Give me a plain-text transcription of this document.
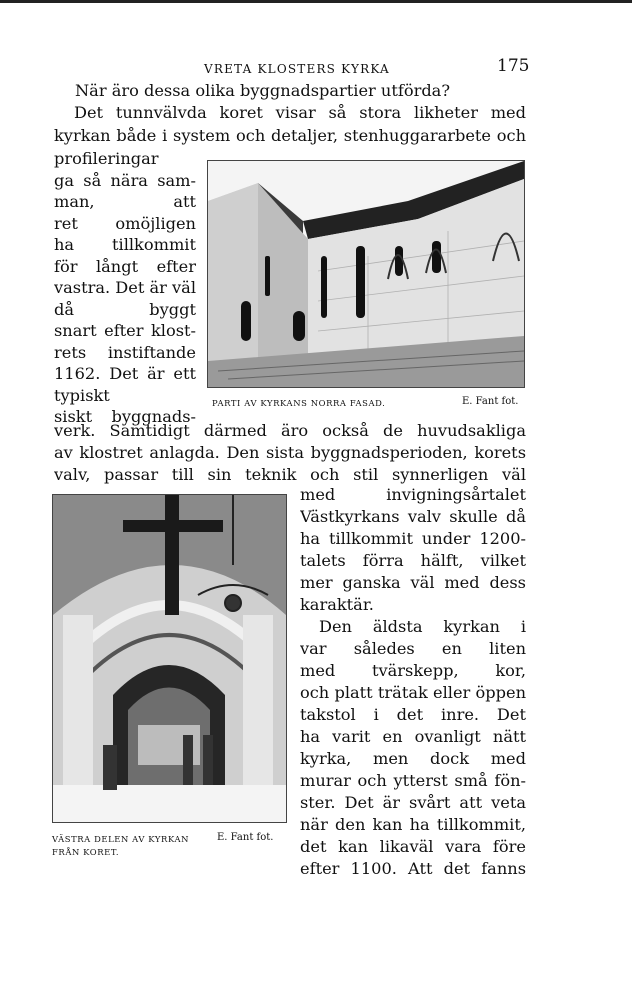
VRETA KLOSTERS KYRKA	175
När äro dessa olika byggnadspartier utförda?
Det tunnvälvda koret visar så stora likheter med
kyrkan både i system och detaljer, stenhuggararbete och
profileringar
ga så nära sam-
man, att
ret omöjligen
ha tillkommit
för långt efter
vastra. Det är väl
då byggt
snart efter klost-
rets instiftande
1162. Det är ett
typiskt
siskt byggnads-
PARTI AV KYRKANS NORRA FASAD.	E. Fant fot.
verk. Samtidigt därmed äro också de huvudsakliga
av klostret anlagda. Den sista byggnadsperioden, korets
valv, passar till sin teknik och stil synnerligen väl
VÄSTRA DELEN AV KYRKAN
FRÅN KORET.
E. Fant fot.
med invigningsårtalet
Västkyrkans valv skulle då
ha tillkommit under 1200-
talets förra hälft, vilket
mer ganska väl med dess
karaktär.
Den äldsta kyrkan i
var således en liten
med tvärskepp, kor,
och platt trätak eller öppen
takstol i det inre. Det
ha varit en ovanligt nätt
kyrka, men dock med
murar och ytterst små fön-
ster. Det är svårt att veta
när den kan ha tillkommit,
det kan likaväl vara före
efter 1100. Att det fanns
